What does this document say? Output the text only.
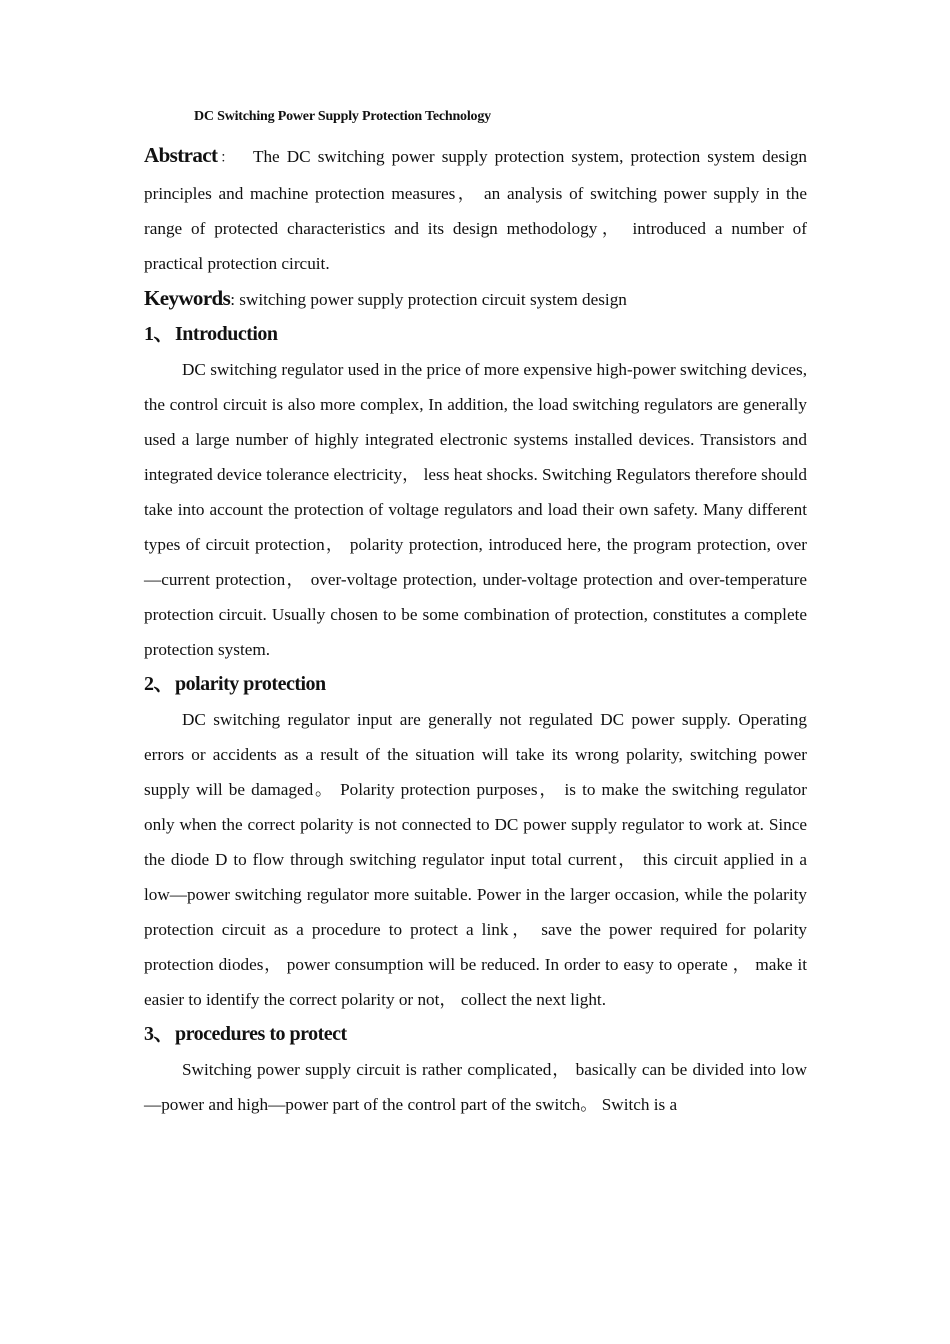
DC Switching Power Supply Protection Technology

Abstract： The DC switching power supply protection system, protection system design principles and machine protection measures， an analysis of switching power supply in the range of protected characteristics and its design methodology， introduced a number of practical protection circuit.

Keywords: switching power supply protection circuit system design

1、 Introduction

DC switching regulator used in the price of more expensive high-power switching devices, the control circuit is also more complex, In addition, the load switching regulators are generally used a large number of highly integrated electronic systems installed devices. Transistors and integrated device tolerance electricity， less heat shocks. Switching Regulators therefore should take into account the protection of voltage regulators and load their own safety. Many different types of circuit protection， polarity protection, introduced here, the program protection, over—current protection， over-voltage protection, under-voltage protection and over-temperature protection circuit. Usually chosen to be some combination of protection, constitutes a complete protection system.

2、 polarity protection

DC switching regulator input are generally not regulated DC power supply. Operating errors or accidents as a result of the situation will take its wrong polarity, switching power supply will be damaged。 Polarity protection purposes， is to make the switching regulator only when the correct polarity is not connected to DC power supply regulator to work at. Since the diode D to flow through switching regulator input total current， this circuit applied in a low—power switching regulator more suitable. Power in the larger occasion, while the polarity protection circuit as a procedure to protect a link， save the power required for polarity protection diodes， power consumption will be reduced. In order to easy to operate ， make it easier to identify the correct polarity or not， collect the next light.

3、 procedures to protect

Switching power supply circuit is rather complicated， basically can be divided into low—power and high—power part of the control part of the switch。 Switch is a
